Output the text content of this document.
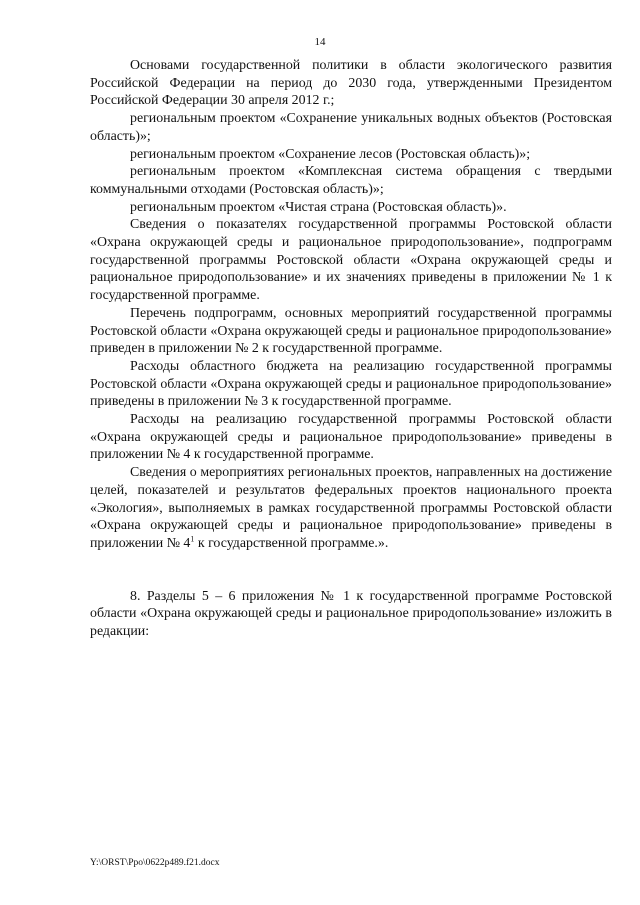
14

Основами государственной политики в области экологического развития Российской Федерации на период до 2030 года, утвержденными Президентом Российской Федерации 30 апреля 2012 г.;

региональным проектом «Сохранение уникальных водных объектов (Ростовская область)»;

региональным проектом «Сохранение лесов (Ростовская область)»;

региональным проектом «Комплексная система обращения с твердыми коммунальными отходами (Ростовская область)»;

региональным проектом «Чистая страна (Ростовская область)».

Сведения о показателях государственной программы Ростовской области «Охрана окружающей среды и рациональное природопользование», подпрограмм государственной программы Ростовской области «Охрана окружающей среды и рациональное природопользование» и их значениях приведены в приложении № 1 к государственной программе.

Перечень подпрограмм, основных мероприятий государственной программы Ростовской области «Охрана окружающей среды и рациональное природопользование» приведен в приложении № 2 к государственной программе.

Расходы областного бюджета на реализацию государственной программы Ростовской области «Охрана окружающей среды и рациональное природопользование» приведены в приложении № 3 к государственной программе.

Расходы на реализацию государственной программы Ростовской области «Охрана окружающей среды и рациональное природопользование» приведены в приложении № 4 к государственной программе.

Сведения о мероприятиях региональных проектов, направленных на достижение целей, показателей и результатов федеральных проектов национального проекта «Экология», выполняемых в рамках государственной программы Ростовской области «Охрана окружающей среды и рациональное природопользование» приведены в приложении № $4^1$ к государственной программе.».

8. Разделы 5 – 6 приложения № 1 к государственной программе Ростовской области «Охрана окружающей среды и рациональное природопользование» изложить в редакции:

Y:\ORST\Ppo\0622p489.f21.docx
